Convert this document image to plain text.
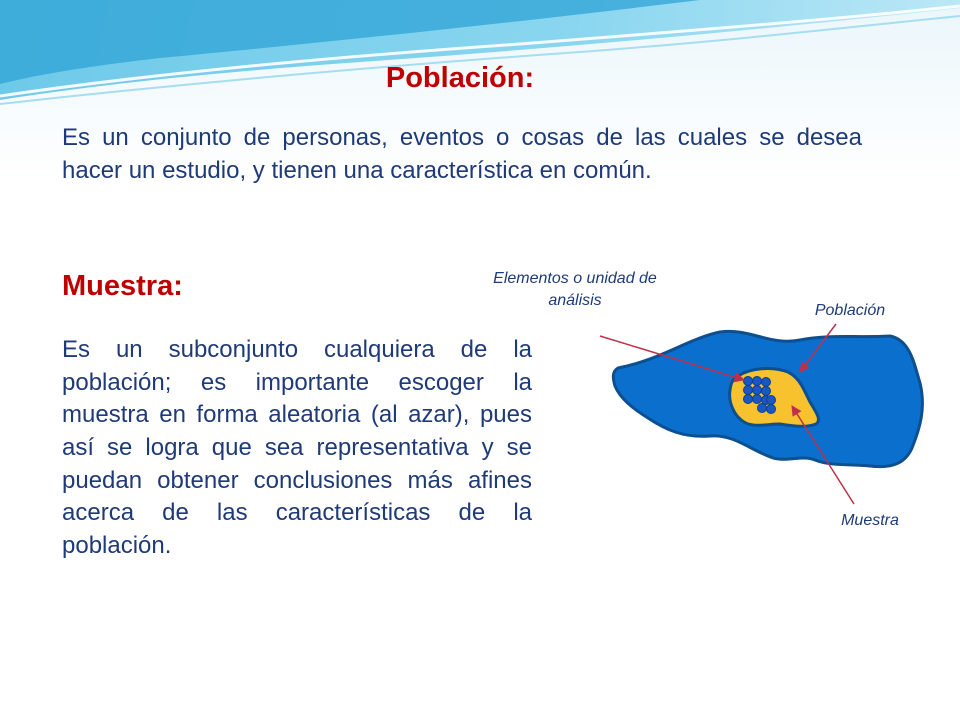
Población:

Es un conjunto de personas, eventos o cosas de las cuales se desea hacer un estudio, y tienen una característica en común.

Muestra:

Es un subconjunto cualquiera de la población; es importante escoger la muestra en forma aleatoria (al azar), pues así se logra que sea representativa y se puedan obtener conclusiones más afines acerca de las características de la población.

Elementos o unidad de análisis

Población

Muestra
